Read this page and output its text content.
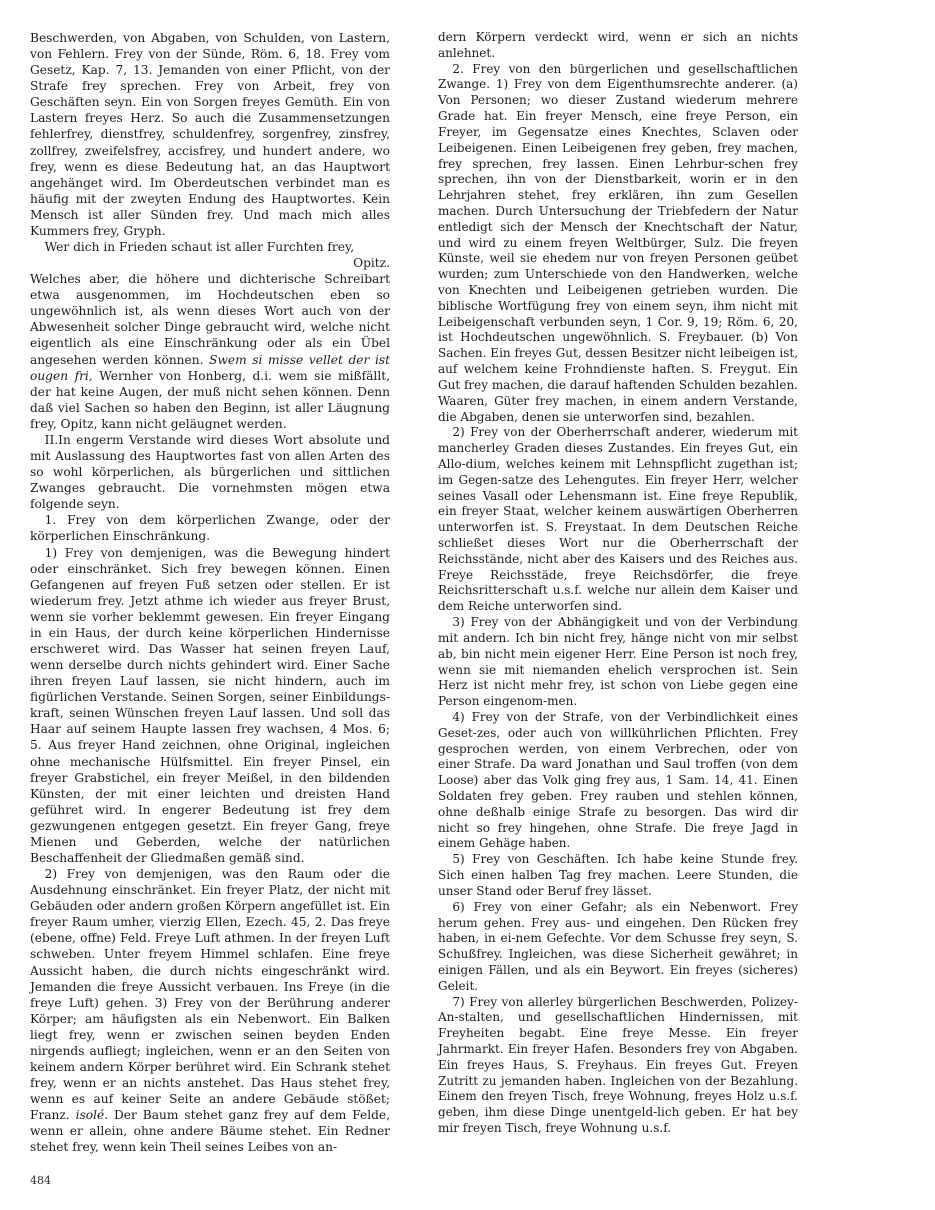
Beschwerden, von Abgaben, von Schulden, von Lastern, von Fehlern. Frey von der Sünde, Röm. 6, 18. Frey vom Gesetz, Kap. 7, 13. Jemanden von einer Pflicht, von der Strafe frey sprechen. Frey von Arbeit, frey von Geschäften seyn. Ein von Sorgen freyes Gemüth. Ein von Lastern freyes Herz. So auch die Zusammensetzungen fehlerfrey, dienstfrey, schuldenfrey, sorgenfrey, zinsfrey, zollfrey, zweifelsfrey, accisfrey, und hundert andere, wo frey, wenn es diese Bedeutung hat, an das Hauptwort angehänget wird. Im Oberdeutschen verbindet man es häufig mit der zweyten Endung des Hauptwortes. Kein Mensch ist aller Sünden frey. Und mach mich alles Kummers frey, Gryph.

Wer dich in Frieden schaut ist aller Furchten frey,

Opitz.

Welches aber, die höhere und dichterische Schreibart etwa ausgenommen, im Hochdeutschen eben so ungewöhnlich ist, als wenn dieses Wort auch von der Abwesenheit solcher Dinge gebraucht wird, welche nicht eigentlich als eine Einschränkung oder als ein Übel angesehen werden können. Swem si misse vellet der ist ougen fri, Wernher von Honberg, d.i. wem sie mißfällt, der hat keine Augen, der muß nicht sehen können. Denn daß viel Sachen so haben den Beginn, ist aller Läugnung frey, Opitz, kann nicht geläugnet werden.

II.In engerm Verstande wird dieses Wort absolute und mit Auslassung des Hauptwortes fast von allen Arten des so wohl körperlichen, als bürgerlichen und sittlichen Zwanges gebraucht. Die vornehmsten mögen etwa folgende seyn.

1. Frey von dem körperlichen Zwange, oder der körperlichen Einschränkung.

1) Frey von demjenigen, was die Bewegung hindert oder einschränket. Sich frey bewegen können. Einen Gefangenen auf freyen Fuß setzen oder stellen. Er ist wiederum frey. Jetzt athme ich wieder aus freyer Brust, wenn sie vorher beklemmt gewesen. Ein freyer Eingang in ein Haus, der durch keine körperlichen Hindernisse erschweret wird. Das Wasser hat seinen freyen Lauf, wenn derselbe durch nichts gehindert wird. Einer Sache ihren freyen Lauf lassen, sie nicht hindern, auch im figürlichen Verstande. Seinen Sorgen, seiner Einbildungs-kraft, seinen Wünschen freyen Lauf lassen. Und soll das Haar auf seinem Haupte lassen frey wachsen, 4 Mos. 6; 5. Aus freyer Hand zeichnen, ohne Original, ingleichen ohne mechanische Hülfsmittel. Ein freyer Pinsel, ein freyer Grabstichel, ein freyer Meißel, in den bildenden Künsten, der mit einer leichten und dreisten Hand geführet wird. In engerer Bedeutung ist frey dem gezwungenen entgegen gesetzt. Ein freyer Gang, freye Mienen und Geberden, welche der natürlichen Beschaffenheit der Gliedmaßen gemäß sind.

2) Frey von demjenigen, was den Raum oder die Ausdehnung einschränket. Ein freyer Platz, der nicht mit Gebäuden oder andern großen Körpern angefüllet ist. Ein freyer Raum umher, vierzig Ellen, Ezech. 45, 2. Das freye (ebene, offne) Feld. Freye Luft athmen. In der freyen Luft schweben. Unter freyem Himmel schlafen. Eine freye Aussicht haben, die durch nichts eingeschränkt wird. Jemanden die freye Aussicht verbauen. Ins Freye (in die freye Luft) gehen. 3) Frey von der Berührung anderer Körper; am häufigsten als ein Nebenwort. Ein Balken liegt frey, wenn er zwischen seinen beyden Enden nirgends aufliegt; ingleichen, wenn er an den Seiten von keinem andern Körper berühret wird. Ein Schrank stehet frey, wenn er an nichts anstehet. Das Haus stehet frey, wenn es auf keiner Seite an andere Gebäude stößet; Franz. isolé. Der Baum stehet ganz frey auf dem Felde, wenn er allein, ohne andere Bäume stehet. Ein Redner stehet frey, wenn kein Theil seines Leibes von an-

dern Körpern verdeckt wird, wenn er sich an nichts anlehnet.

2. Frey von den bürgerlichen und gesellschaftlichen Zwange. 1) Frey von dem Eigenthumsrechte anderer. (a) Von Personen; wo dieser Zustand wiederum mehrere Grade hat. Ein freyer Mensch, eine freye Person, ein Freyer, im Gegensatze eines Knechtes, Sclaven oder Leibeigenen. Einen Leibeigenen frey geben, frey machen, frey sprechen, frey lassen. Einen Lehrbur-schen frey sprechen, ihn von der Dienstbarkeit, worin er in den Lehrjahren stehet, frey erklären, ihn zum Gesellen machen. Durch Untersuchung der Triebfedern der Natur entledigt sich der Mensch der Knechtschaft der Natur, und wird zu einem freyen Weltbürger, Sulz. Die freyen Künste, weil sie ehedem nur von freyen Personen geübet wurden; zum Unterschiede von den Handwerken, welche von Knechten und Leibeigenen getrieben wurden. Die biblische Wortfügung frey von einem seyn, ihm nicht mit Leibeigenschaft verbunden seyn, 1 Cor. 9, 19; Röm. 6, 20, ist Hochdeutschen ungewöhnlich. S. Freybauer. (b) Von Sachen. Ein freyes Gut, dessen Besitzer nicht leibeigen ist, auf welchem keine Frohndienste haften. S. Freygut. Ein Gut frey machen, die darauf haftenden Schulden bezahlen. Waaren, Güter frey machen, in einem andern Verstande, die Abgaben, denen sie unterworfen sind, bezahlen.

2) Frey von der Oberherrschaft anderer, wiederum mit mancherley Graden dieses Zustandes. Ein freyes Gut, ein Allo-dium, welches keinem mit Lehnspflicht zugethan ist; im Gegen-satze des Lehengutes. Ein freyer Herr, welcher seines Vasall oder Lehensmann ist. Eine freye Republik, ein freyer Staat, welcher keinem auswärtigen Oberherren unterworfen ist. S. Freystaat. In dem Deutschen Reiche schließet dieses Wort nur die Oberherrschaft der Reichsstände, nicht aber des Kaisers und des Reiches aus. Freye Reichsstäde, freye Reichsdörfer, die freye Reichsritterschaft u.s.f. welche nur allein dem Kaiser und dem Reiche unterworfen sind.

3) Frey von der Abhängigkeit und von der Verbindung mit andern. Ich bin nicht frey, hänge nicht von mir selbst ab, bin nicht mein eigener Herr. Eine Person ist noch frey, wenn sie mit niemanden ehelich versprochen ist. Sein Herz ist nicht mehr frey, ist schon von Liebe gegen eine Person eingenom-men.

4) Frey von der Strafe, von der Verbindlichkeit eines Geset-zes, oder auch von willkührlichen Pflichten. Frey gesprochen werden, von einem Verbrechen, oder von einer Strafe. Da ward Jonathan und Saul troffen (von dem Loose) aber das Volk ging frey aus, 1 Sam. 14, 41. Einen Soldaten frey geben. Frey rauben und stehlen können, ohne deßhalb einige Strafe zu besorgen. Das wird dir nicht so frey hingehen, ohne Strafe. Die freye Jagd in einem Gehäge haben.

5) Frey von Geschäften. Ich habe keine Stunde frey. Sich einen halben Tag frey machen. Leere Stunden, die unser Stand oder Beruf frey lässet.

6) Frey von einer Gefahr; als ein Nebenwort. Frey herum gehen. Frey aus- und eingehen. Den Rücken frey haben, in ei-nem Gefechte. Vor dem Schusse frey seyn, S. Schußfrey. Ingleichen, was diese Sicherheit gewähret; in einigen Fällen, und als ein Beywort. Ein freyes (sicheres) Geleit.

7) Frey von allerley bürgerlichen Beschwerden, Polizey-An-stalten, und gesellschaftlichen Hindernissen, mit Freyheiten begabt. Eine freye Messe. Ein freyer Jahrmarkt. Ein freyer Hafen. Besonders frey von Abgaben. Ein freyes Haus, S. Freyhaus. Ein freyes Gut. Freyen Zutritt zu jemanden haben. Ingleichen von der Bezahlung. Einem den freyen Tisch, freye Wohnung, freyes Holz u.s.f. geben, ihm diese Dinge unentgeld-lich geben. Er hat bey mir freyen Tisch, freye Wohnung u.s.f.

484
